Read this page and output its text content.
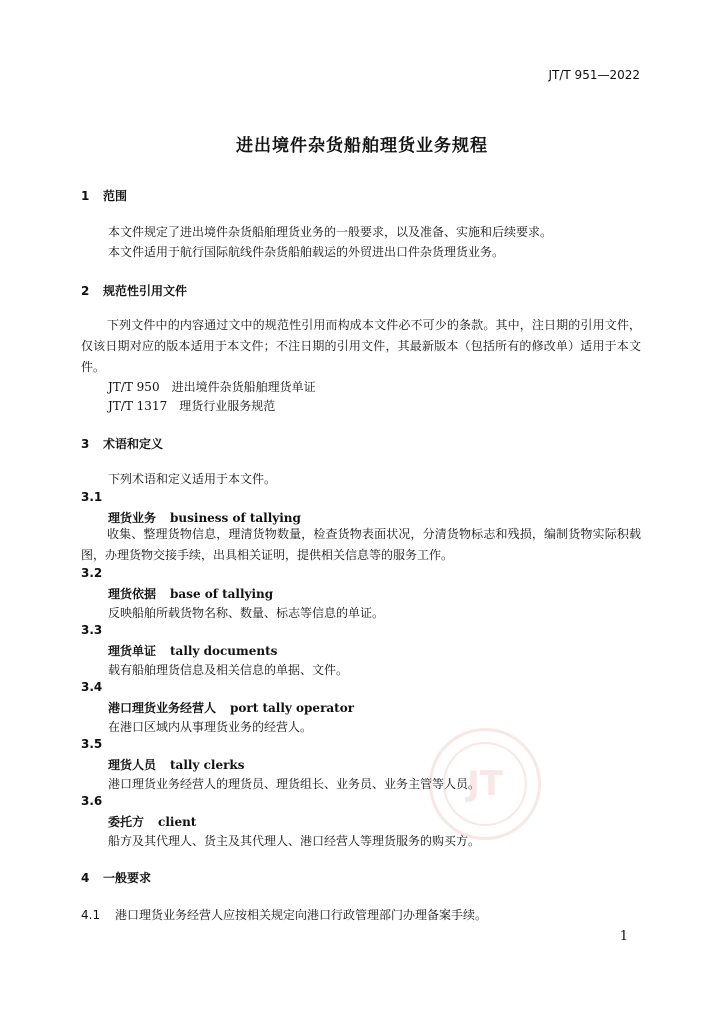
JT/T 951—2022
进出境件杂货船舶理货业务规程
1 范围
本文件规定了进出境件杂货船舶理货业务的一般要求，以及准备、实施和后续要求。
本文件适用于航行国际航线件杂货船舶载运的外贸进出口件杂货理货业务。
2 规范性引用文件
下列文件中的内容通过文中的规范性引用而构成本文件必不可少的条款。其中，注日期的引用文件，仅该日期对应的版本适用于本文件；不注日期的引用文件，其最新版本（包括所有的修改单）适用于本文件。
JT/T 950  进出境件杂货船舶理货单证
JT/T 1317  理货行业服务规范
3 术语和定义
下列术语和定义适用于本文件。
3.1
理货业务 business of tallying
收集、整理货物信息，理清货物数量，检查货物表面状况，分清货物标志和残损，编制货物实际积载图，办理货物交接手续，出具相关证明，提供相关信息等的服务工作。
3.2
理货依据 base of tallying
反映船舶所载货物名称、数量、标志等信息的单证。
3.3
理货单证 tally documents
载有船舶理货信息及相关信息的单据、文件。
3.4
港口理货业务经营人 port tally operator
在港口区域内从事理货业务的经营人。
3.5
理货人员 tally clerks
港口理货业务经营人的理货员、理货组长、业务员、业务主管等人员。
3.6
委托方 client
船方及其代理人、货主及其代理人、港口经营人等理货服务的购买方。
4 一般要求
4.1 港口理货业务经营人应按相关规定向港口行政管理部门办理备案手续。
JT
1
